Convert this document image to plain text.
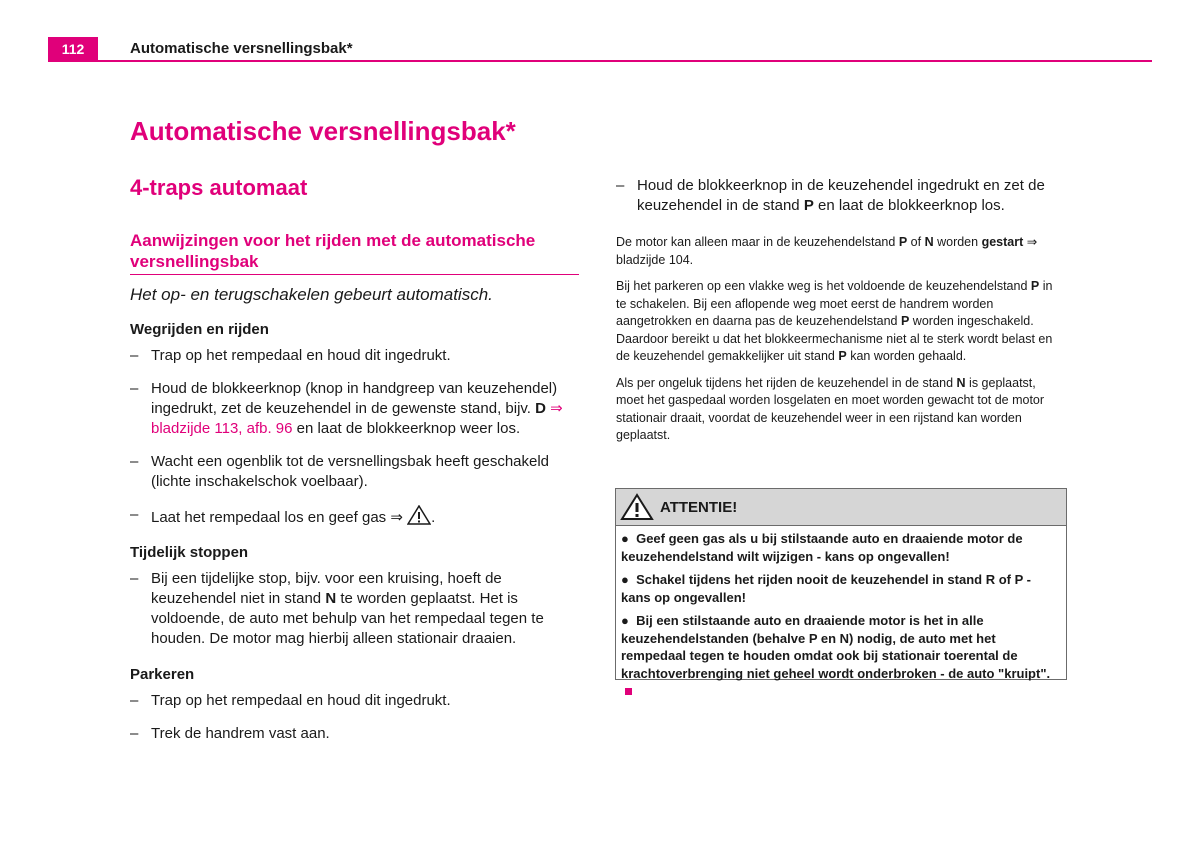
112	Automatische versnellingsbak*
Automatische versnellingsbak*
4-traps automaat
Aanwijzingen voor het rijden met de automatische versnellingsbak
Het op- en terugschakelen gebeurt automatisch.

Wegrijden en rijden

– Trap op het rempedaal en houd dit ingedrukt.

– Houd de blokkeerknop (knop in handgreep van keuzehendel) ingedrukt, zet de keuzehendel in de gewenste stand, bijv. D ⇒ bladzijde 113, afb. 96 en laat de blokkeerknop weer los.

– Wacht een ogenblik tot de versnellingsbak heeft geschakeld (lichte inschakelschok voelbaar).

– Laat het rempedaal los en geef gas ⇒ .

Tijdelijk stoppen

– Bij een tijdelijke stop, bijv. voor een kruising, hoeft de keuzehendel niet in stand N te worden geplaatst. Het is voldoende, de auto met behulp van het rempedaal tegen te houden. De motor mag hierbij alleen stationair draaien.

Parkeren

– Trap op het rempedaal en houd dit ingedrukt.

– Trek de handrem vast aan.

– Houd de blokkeerknop in de keuzehendel ingedrukt en zet de keuzehendel in de stand P en laat de blokkeerknop los.

De motor kan alleen maar in de keuzehendelstand P of N worden gestart ⇒ bladzijde 104.

Bij het parkeren op een vlakke weg is het voldoende de keuzehendelstand P in te schakelen. Bij een aflopende weg moet eerst de handrem worden aangetrokken en daarna pas de keuzehendelstand P worden ingeschakeld. Daardoor bereikt u dat het blokkeermechanisme niet al te sterk wordt belast en de keuzehendel gemakkelijker uit stand P kan worden gehaald.

Als per ongeluk tijdens het rijden de keuzehendel in de stand N is geplaatst, moet het gaspedaal worden losgelaten en moet worden gewacht tot de motor stationair draait, voordat de keuzehendel weer in een rijstand kan worden geplaatst.

ATTENTIE!

● Geef geen gas als u bij stilstaande auto en draaiende motor de keuzehendelstand wilt wijzigen - kans op ongevallen!

● Schakel tijdens het rijden nooit de keuzehendel in stand R of P - kans op ongevallen!

● Bij een stilstaande auto en draaiende motor is het in alle keuzehendelstanden (behalve P en N) nodig, de auto met het rempedaal tegen te houden omdat ook bij stationair toerental de krachtoverbrenging niet geheel wordt onderbroken - de auto "kruipt".
